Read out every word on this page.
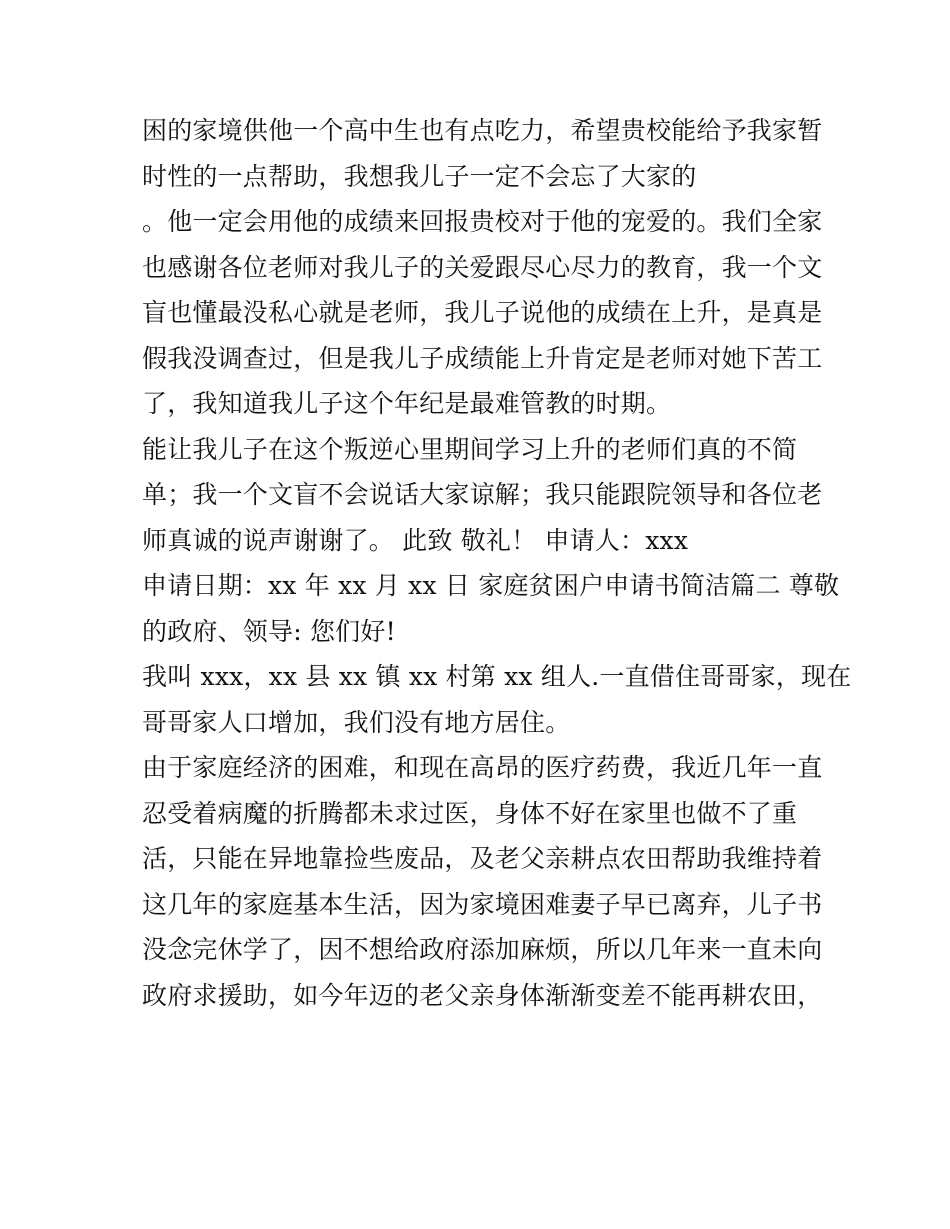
困的家境供他一个高中生也有点吃力，希望贵校能给予我家暂
时性的一点帮助，我想我儿子一定不会忘了大家的
。他一定会用他的成绩来回报贵校对于他的宠爱的。我们全家
也感谢各位老师对我儿子的关爱跟尽心尽力的教育，我一个文
盲也懂最没私心就是老师，我儿子说他的成绩在上升，是真是
假我没调查过，但是我儿子成绩能上升肯定是老师对她下苦工
了，我知道我儿子这个年纪是最难管教的时期。
能让我儿子在这个叛逆心里期间学习上升的老师们真的不简
单；我一个文盲不会说话大家谅解；我只能跟院领导和各位老
师真诚的说声谢谢了。 此致 敬礼！ 申请人：xxx
申请日期：xx 年 xx 月 xx 日 家庭贫困户申请书简洁篇二 尊敬
的政府、领导: 您们好!
我叫 xxx，xx 县 xx 镇 xx 村第 xx 组人.一直借住哥哥家，现在
哥哥家人口增加，我们没有地方居住。
由于家庭经济的困难，和现在高昂的医疗药费，我近几年一直
忍受着病魔的折腾都未求过医，身体不好在家里也做不了重
活，只能在异地靠捡些废品，及老父亲耕点农田帮助我维持着
这几年的家庭基本生活，因为家境困难妻子早已离弃，儿子书
没念完休学了，因不想给政府添加麻烦，所以几年来一直未向
政府求援助，如今年迈的老父亲身体渐渐变差不能再耕农田，
